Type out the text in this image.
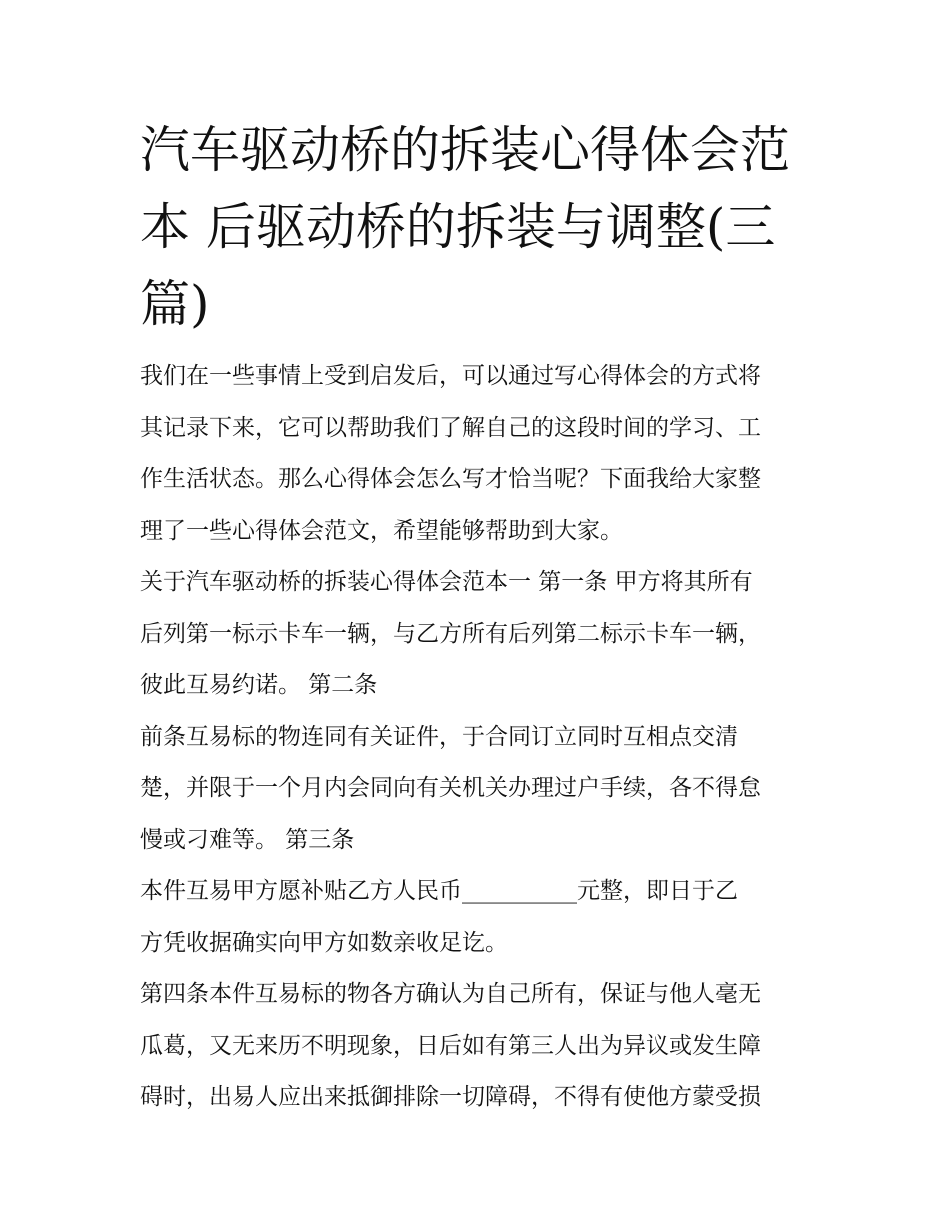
汽车驱动桥的拆装心得体会范
本 后驱动桥的拆装与调整(三
篇)
我们在一些事情上受到启发后，可以通过写心得体会的方式将
其记录下来，它可以帮助我们了解自己的这段时间的学习、工
作生活状态。那么心得体会怎么写才恰当呢？下面我给大家整
理了一些心得体会范文，希望能够帮助到大家。
关于汽车驱动桥的拆装心得体会范本一 第一条 甲方将其所有
后列第一标示卡车一辆，与乙方所有后列第二标示卡车一辆，
彼此互易约诺。 第二条
前条互易标的物连同有关证件，于合同订立同时互相点交清
楚，并限于一个月内会同向有关机关办理过户手续，各不得怠
慢或刁难等。 第三条
本件互易甲方愿补贴乙方人民币__________元整，即日于乙
方凭收据确实向甲方如数亲收足讫。
第四条本件互易标的物各方确认为自己所有，保证与他人毫无
瓜葛，又无来历不明现象，日后如有第三人出为异议或发生障
碍时，出易人应出来抵御排除一切障碍，不得有使他方蒙受损
